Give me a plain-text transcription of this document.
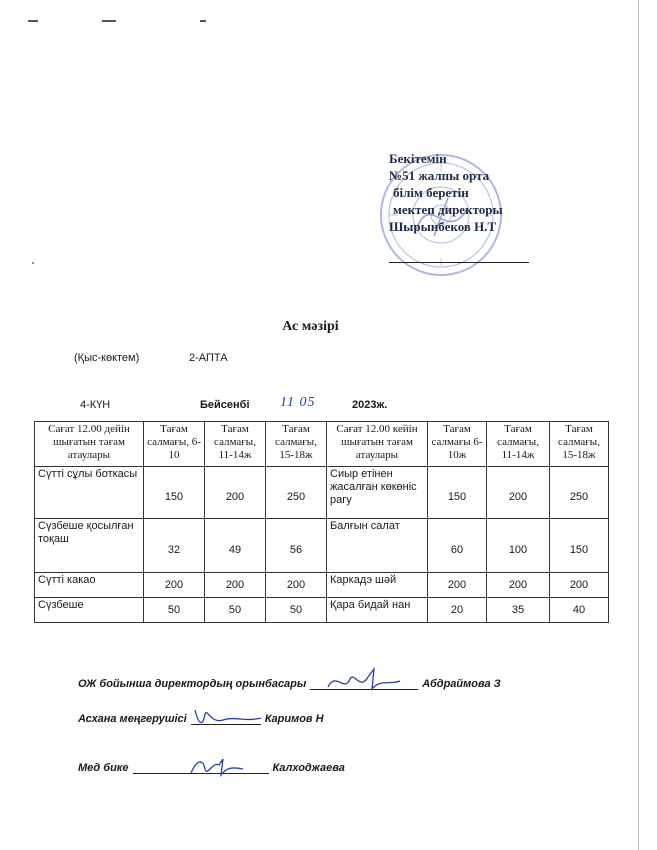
Бекітемін
№51 жалпы орта
білім беретін
мектеп директоры
Шырынбеков Н.Т
Ас мәзірі
(Қыс-көктем)	2-АПТА
4-КҮН	Бейсенбі 11 05	2023ж.
Сағат 12.00 дейін шығатын тағам атаулары	Тағам салмағы, 6-10	Тағам салмағы, 11-14ж	Тағам салмағы, 15-18ж	Сағат 12.00 кейін шығатын тағам атаулары	Тағам салмағы 6-10ж	Тағам салмағы, 11-14ж	Тағам салмағы, 15-18ж
Сүтті сұлы боткасы	150	200	250	Сиыр етінен жасалған көкөніс рагу	150	200	250
Сүзбеше қосылған тоқаш	32	49	56	Балғын салат	60	100	150
Сүтті какао	200	200	200	Каркадэ шәй	200	200	200
Сүзбеше	50	50	50	Қара бидай нан	20	35	40
ОЖ бойынша директордың орынбасары	Абдраймова З
Асхана меңгерушісі	Каримов Н
Мед бике	Калходжаева
